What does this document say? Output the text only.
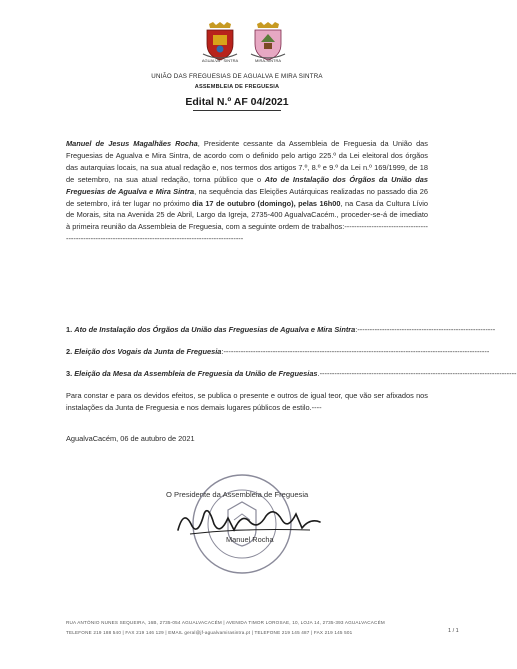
AGUALVA · SINTRA	MIRA-SINTRA
UNIÃO DAS FREGUESIAS DE AGUALVA E MIRA SINTRA
ASSEMBLEIA DE FREGUESIA
Edital N.º AF 04/2021
Manuel de Jesus Magalhães Rocha, Presidente cessante da Assembleia de Freguesia da União das Freguesias de Agualva e Mira Sintra, de acordo com o definido pelo artigo 225.º da Lei eleitoral dos órgãos das autarquias locais, na sua atual redação e, nos termos dos artigos 7.º, 8.º e 9.º da Lei n.º 169/1999, de 18 de setembro, na sua atual redação, torna público que o Ato de Instalação dos Órgãos da União das Freguesias de Agualva e Mira Sintra, na sequência das Eleições Autárquicas realizadas no passado dia 26 de setembro, irá ter lugar no próximo dia 17 de outubro (domingo), pelas 16h00, na Casa da Cultura Lívio de Morais, sita na Avenida 25 de Abril, Largo da Igreja, 2735-400 AgualvaCacém., proceder-se-á de imediato à primeira reunião da Assembleia de Freguesia, com a seguinte ordem de trabalhos:----------------------------------------------------------------------------------------------------------
1. Ato de Instalação dos Órgãos da União das Freguesias de Agualva e Mira Sintra:--------------------------------------------------------
2. Eleição dos Vogais da Junta de Freguesia:------------------------------------------------------------------------------------------------------------
3. Eleição da Mesa da Assembleia de Freguesia da União de Freguesias.--------------------------------------------------------------------------------
Para constar e para os devidos efeitos, se publica o presente e outros de igual teor, que vão ser afixados nos instalações da Junta de Freguesia e nos demais lugares públicos de estilo.----
AgualvaCacém, 06 de autubro de 2021
O Presidente da Assembleia de Freguesia
Manuel Rocha
RUA ANTÓNIO NUNES SEQUEIRA, 16B, 2735-054 AGUALVACACÉM | AVENIDA TIMOR LOROSAE, 10, LOJA 14, 2735-393 AGUALVACACÉM
TELEFONE 219 188 540 | FAX 219 146 129 | EMAIL geral@jf-agualvamirasintra.pt | TELEFONE 219 145 487 | FAX 219 145 501	1 / 1
